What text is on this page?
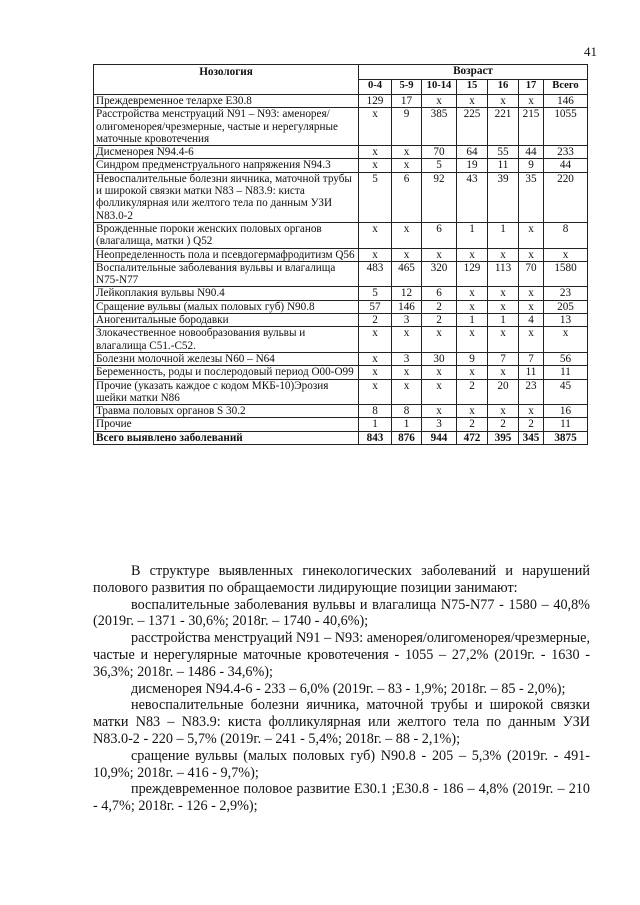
41
Нозология	Возраст						
	0-4	5-9	10-14	15	16	17	Всего
Преждевременное телархе Е30.8	129	17	x	x	x	x	146
Расстройства менструаций N91 – N93: аменорея/олигоменорея/чрезмерные, частые и нерегулярные маточные кровотечения	x	9	385	225	221	215	1055
Дисменорея N94.4-6	x	x	70	64	55	44	233
Синдром предменструального напряжения N94.3	x	x	5	19	11	9	44
Невоспалительные болезни яичника, маточной трубы и широкой связки матки N83 – N83.9: киста фолликулярная или желтого тела по данным УЗИ N83.0-2	5	6	92	43	39	35	220
Врожденные пороки женских половых органов (влагалища, матки ) Q52	x	x	6	1	1	x	8
Неопределенность пола и псевдогермафродитизм Q56	x	x	x	x	x	x	x
Воспалительные заболевания вульвы и влагалища N75-N77	483	465	320	129	113	70	1580
Лейкоплакия вульвы N90.4	5	12	6	x	x	x	23
Сращение вульвы (малых половых губ) N90.8	57	146	2	x	x	x	205
Аногенитальные бородавки	2	3	2	1	1	4	13
Злокачественное новообразования вульвы и влагалища C51.-C52.	x	x	x	x	x	x	x
Болезни молочной железы N60 – N64	x	3	30	9	7	7	56
Беременность, роды и послеродовый период О00-О99	x	x	x	x	x	11	11
Прочие (указать каждое с кодом МКБ-10)Эрозия шейки матки N86	x	x	x	2	20	23	45
Травма половых органов S 30.2	8	8	x	x	x	x	16
Прочие	1	1	3	2	2	2	11
Всего выявлено заболеваний	843	876	944	472	395	345	3875

В структуре выявленных гинекологических заболеваний и нарушений полового развития по обращаемости лидирующие позиции занимают:

воспалительные заболевания вульвы и влагалища N75-N77 - 1580 – 40,8% (2019г. – 1371 - 30,6%; 2018г. – 1740 - 40,6%);

расстройства менструаций N91 – N93: аменорея/олигоменорея/чрезмерные, частые и нерегулярные маточные кровотечения - 1055 – 27,2% (2019г. - 1630 - 36,3%; 2018г. – 1486 - 34,6%);

дисменорея N94.4-6 - 233 – 6,0% (2019г. – 83 - 1,9%; 2018г. – 85 - 2,0%);

невоспалительные болезни яичника, маточной трубы и широкой связки матки N83 – N83.9: киста фолликулярная или желтого тела по данным УЗИ N83.0-2 - 220 – 5,7% (2019г. – 241 - 5,4%; 2018г. – 88 - 2,1%);

сращение вульвы (малых половых губ) N90.8 - 205 – 5,3% (2019г. - 491- 10,9%; 2018г. – 416 - 9,7%);

преждевременное половое развитие Е30.1 ;Е30.8 - 186 – 4,8% (2019г. – 210 - 4,7%; 2018г. - 126 - 2,9%);
